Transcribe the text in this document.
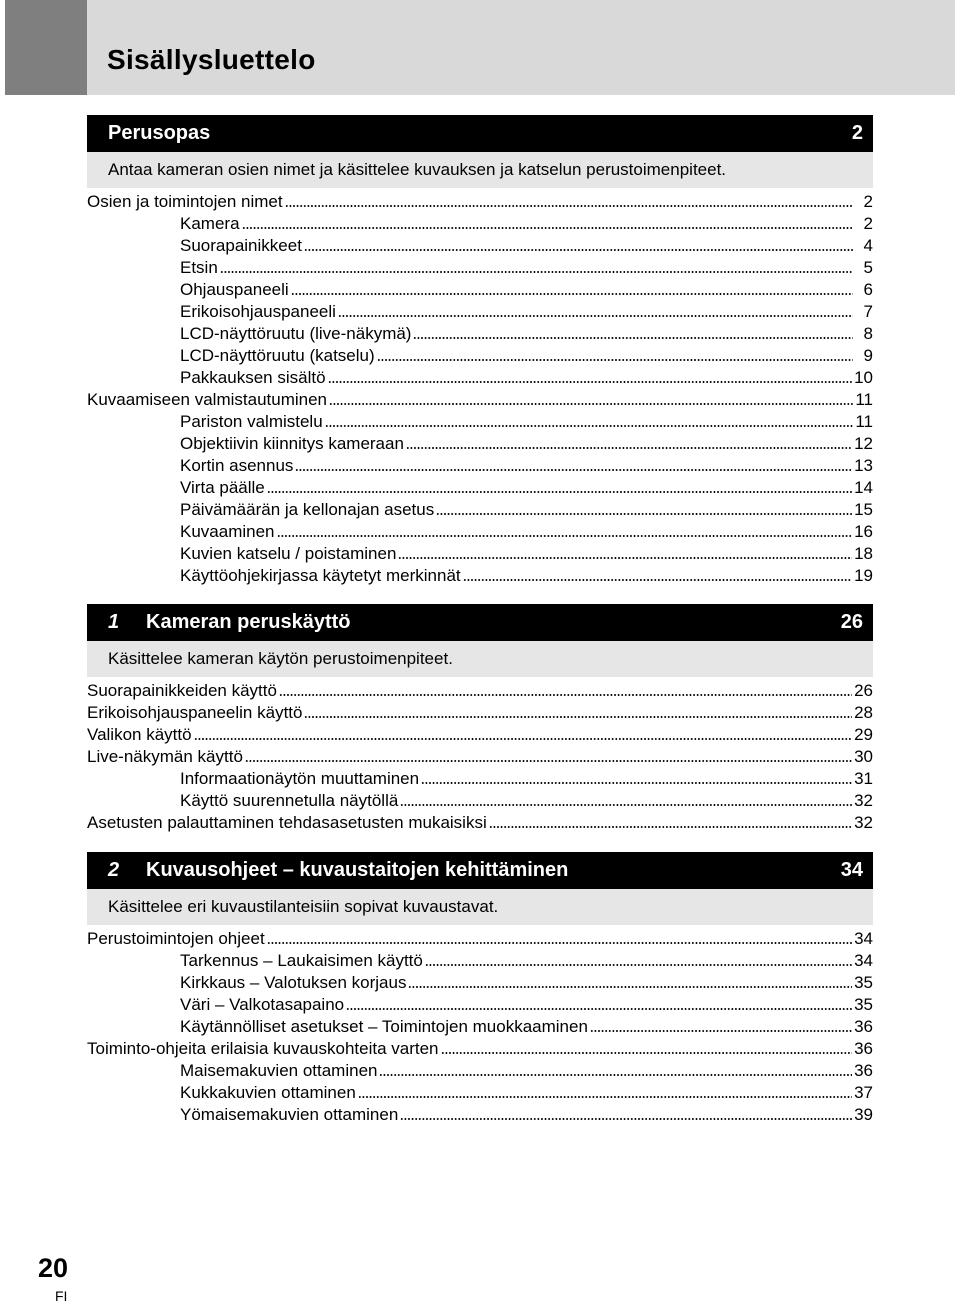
Sisällysluettelo
Perusopas	2
Antaa kameran osien nimet ja käsittelee kuvauksen ja katselun perustoimenpiteet.
Osien ja toimintojen nimet	2
Kamera	2
Suorapainikkeet	4
Etsin	5
Ohjauspaneeli	6
Erikoisohjauspaneeli	7
LCD-näyttöruutu (live-näkymä)	8
LCD-näyttöruutu (katselu)	9
Pakkauksen sisältö	10
Kuvaamiseen valmistautuminen	11
Pariston valmistelu	11
Objektiivin kiinnitys kameraan	12
Kortin asennus	13
Virta päälle	14
Päivämäärän ja kellonajan asetus	15
Kuvaaminen	16
Kuvien katselu / poistaminen	18
Käyttöohjekirjassa käytetyt merkinnät	19
1	Kameran peruskäyttö	26
Käsittelee kameran käytön perustoimenpiteet.
Suorapainikkeiden käyttö	26
Erikoisohjauspaneelin käyttö	28
Valikon käyttö	29
Live-näkymän käyttö	30
Informaationäytön muuttaminen	31
Käyttö suurennetulla näytöllä	32
Asetusten palauttaminen tehdasasetusten mukaisiksi	32
2	Kuvausohjeet – kuvaustaitojen kehittäminen	34
Käsittelee eri kuvaustilanteisiin sopivat kuvaustavat.
Perustoimintojen ohjeet	34
Tarkennus – Laukaisimen käyttö	34
Kirkkaus – Valotuksen korjaus	35
Väri – Valkotasapaino	35
Käytännölliset asetukset – Toimintojen muokkaaminen	36
Toiminto-ohjeita erilaisia kuvauskohteita varten	36
Maisemakuvien ottaminen	36
Kukkakuvien ottaminen	37
Yömaisemakuvien ottaminen	39
20
FI
